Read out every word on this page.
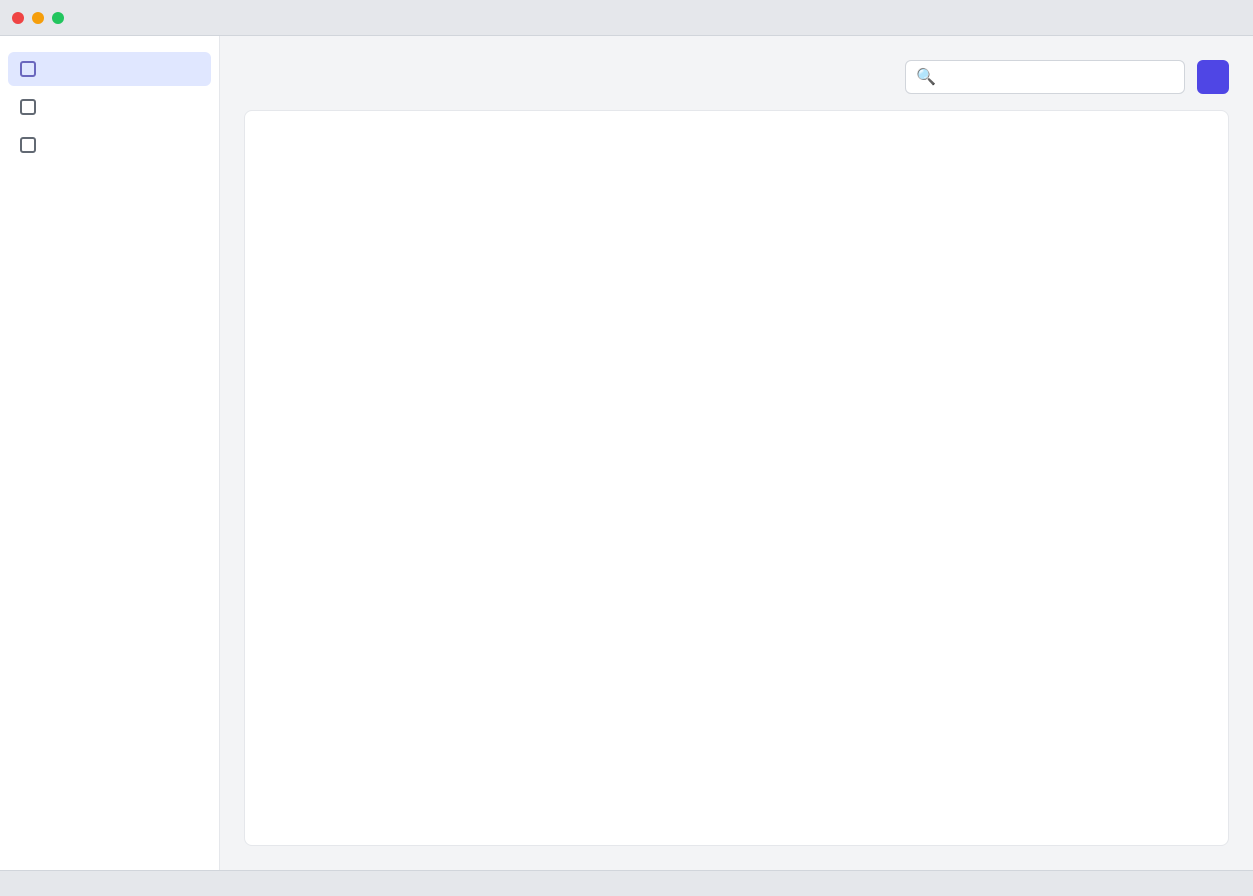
🔍
